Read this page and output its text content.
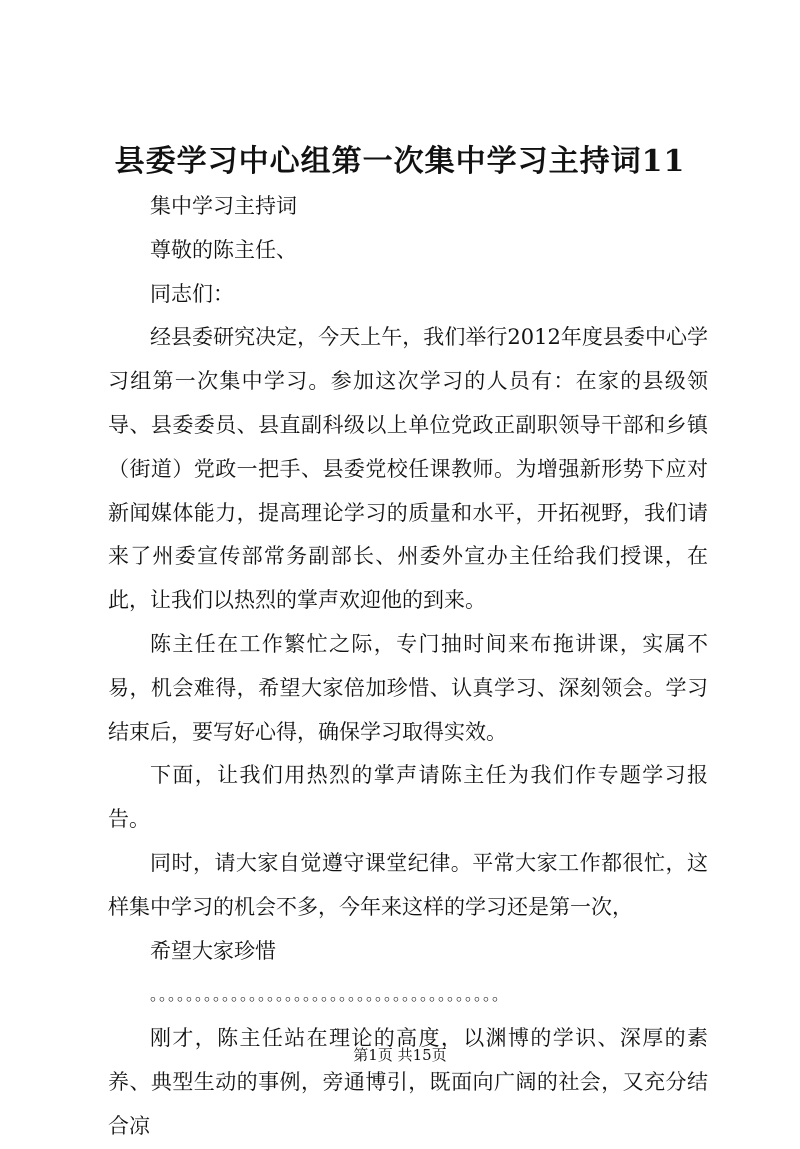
县委学习中心组第一次集中学习主持词11

集中学习主持词

尊敬的陈主任、

同志们：

经县委研究决定，今天上午，我们举行2012年度县委中心学习组第一次集中学习。参加这次学习的人员有：在家的县级领导、县委委员、县直副科级以上单位党政正副职领导干部和乡镇（街道）党政一把手、县委党校任课教师。为增强新形势下应对新闻媒体能力，提高理论学习的质量和水平，开拓视野，我们请来了州委宣传部常务副部长、州委外宣办主任给我们授课，在此，让我们以热烈的掌声欢迎他的到来。

陈主任在工作繁忙之际，专门抽时间来布拖讲课，实属不易，机会难得，希望大家倍加珍惜、认真学习、深刻领会。学习结束后，要写好心得，确保学习取得实效。

下面，让我们用热烈的掌声请陈主任为我们作专题学习报告。

同时，请大家自觉遵守课堂纪律。平常大家工作都很忙，这样集中学习的机会不多，今年来这样的学习还是第一次，

希望大家珍惜

。。。。。。。。。。。。。。。。。。。。。。。。。。。。。。。。。。。。。。。

刚才，陈主任站在理论的高度，以渊博的学识、深厚的素养、典型生动的事例，旁通博引，既面向广阔的社会，又充分结合凉

第1页 共15页
